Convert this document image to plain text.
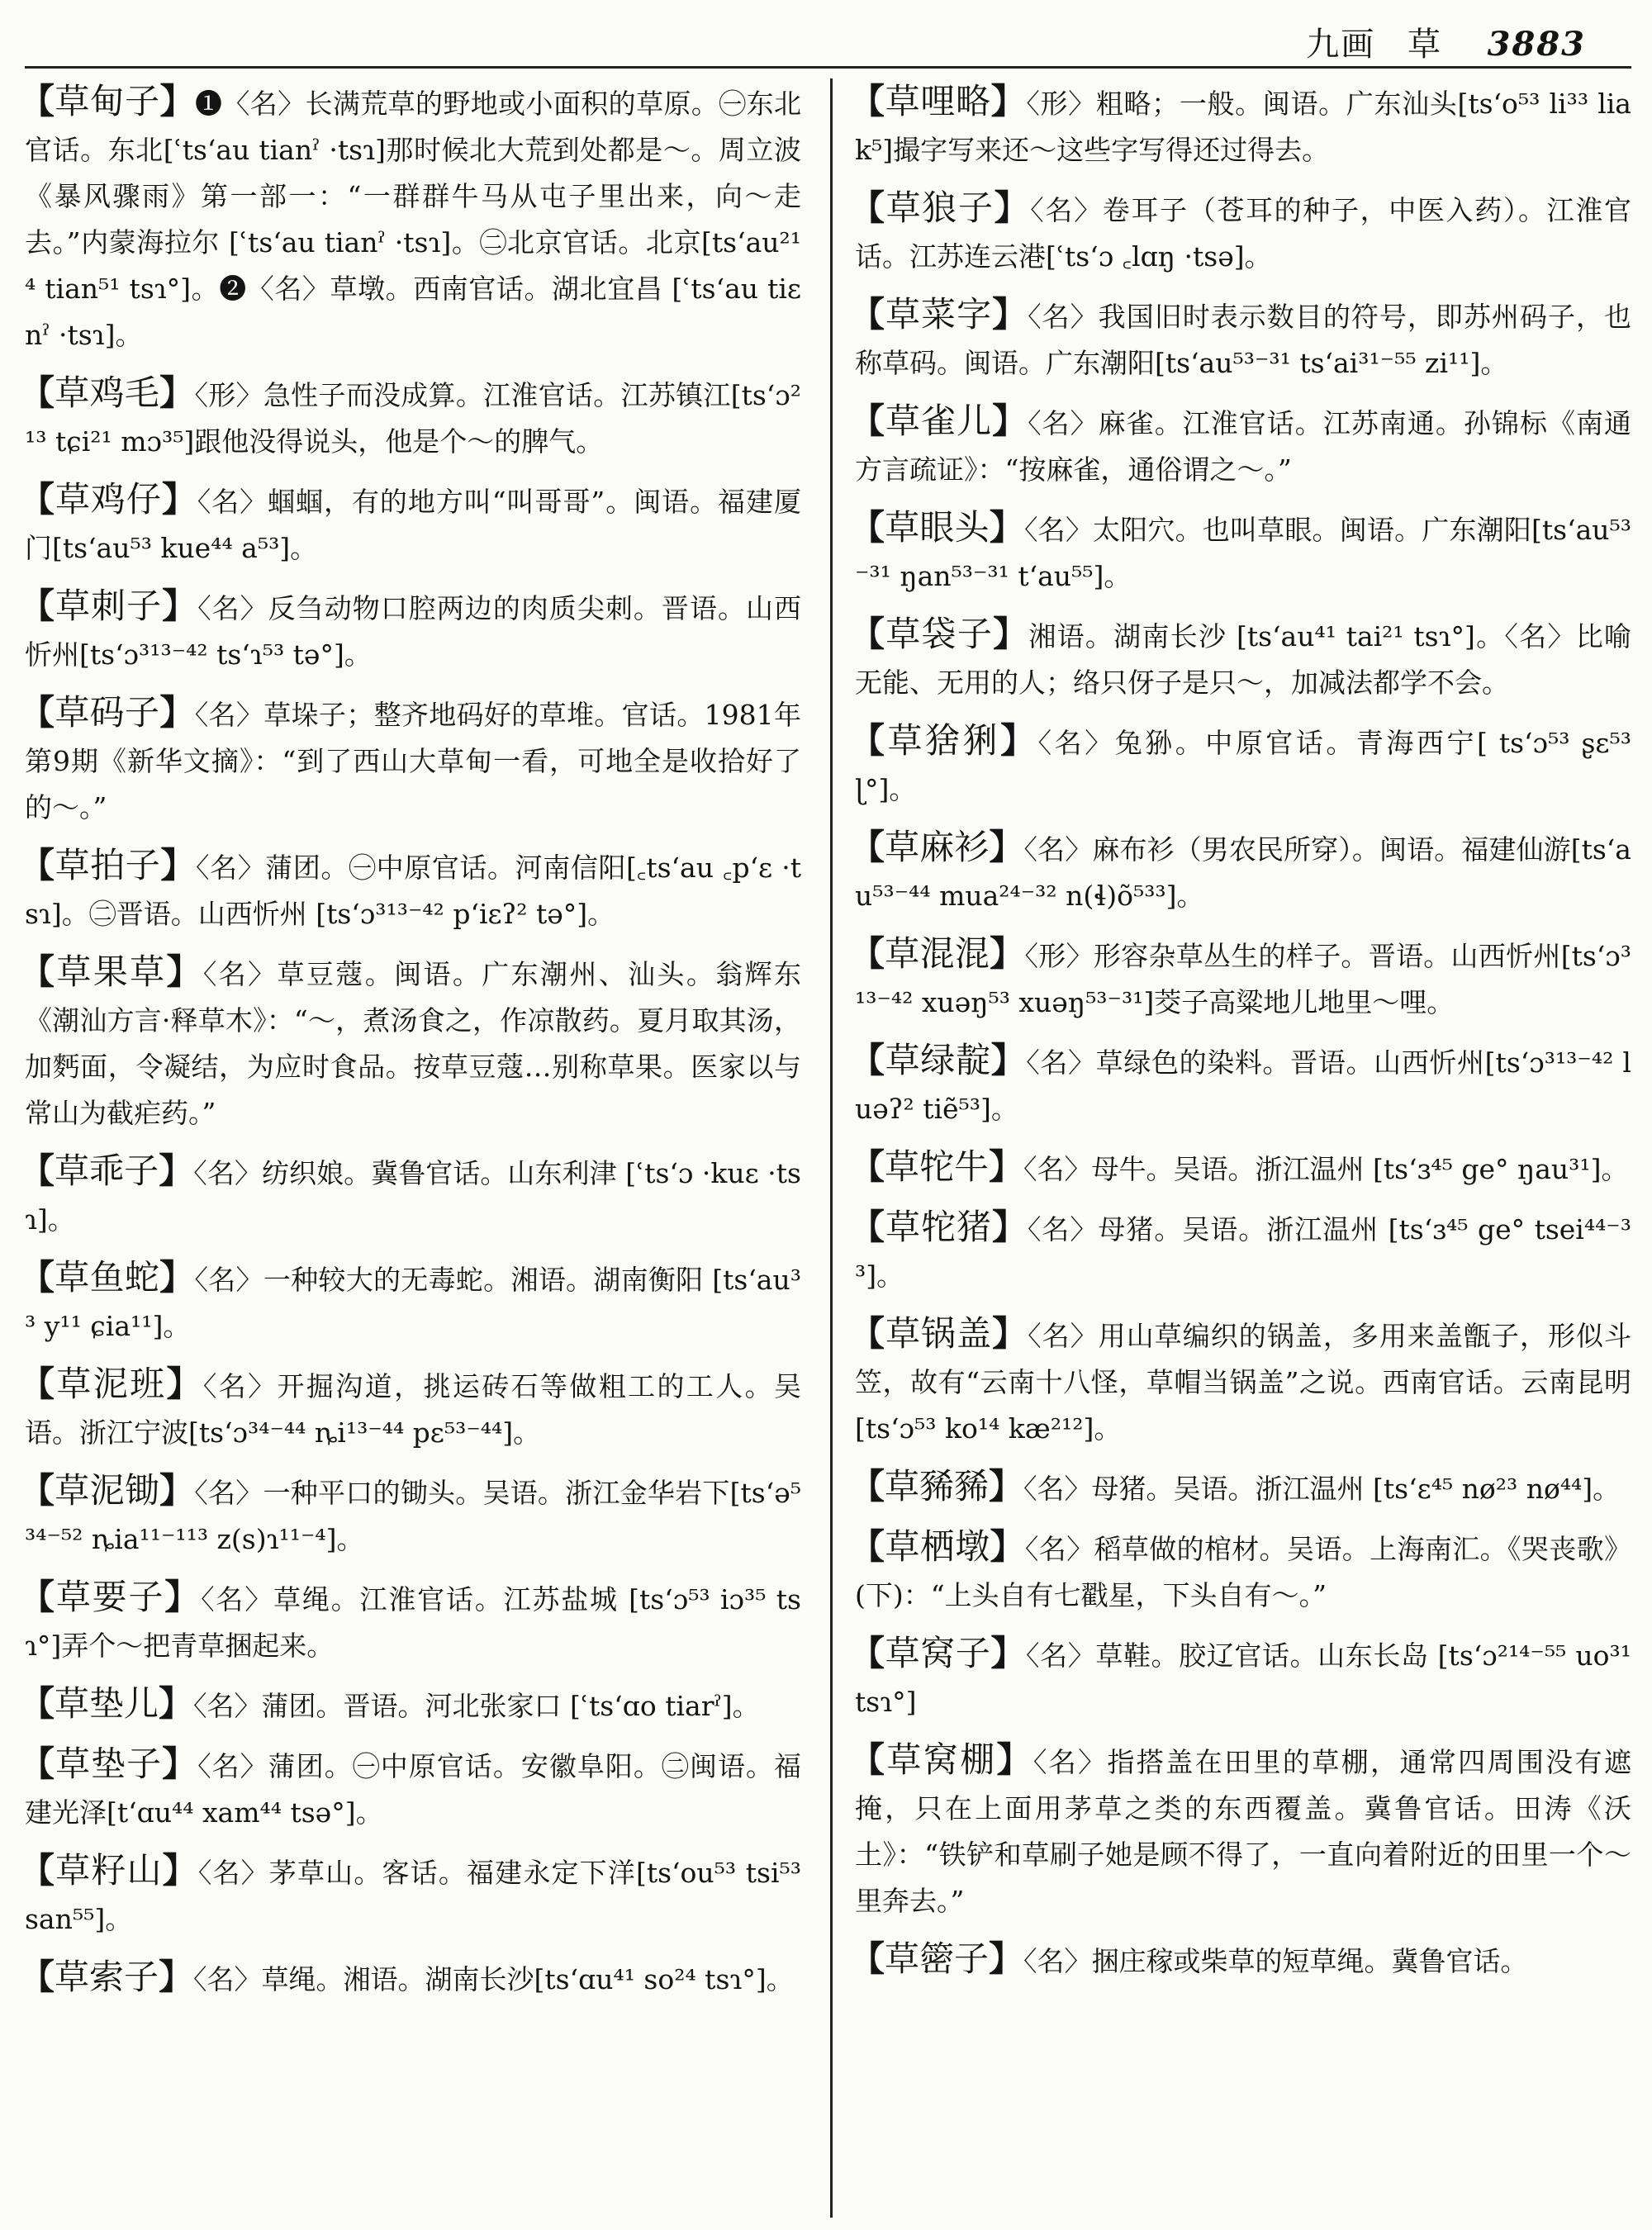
九画 草 3883

【草甸子】❶〈名〉长满荒草的野地或小面积的草原。㊀东北官话。东北[ʿtsʻau tianˀ ·tsɿ]那时候北大荒到处都是～。周立波《暴风骤雨》第一部一：“一群群牛马从屯子里出来，向～走去。”内蒙海拉尔 [ʿtsʻau tianˀ ·tsɿ]。㊁北京官话。北京[tsʻau²¹⁴ tian⁵¹ tsɿ°]。❷〈名〉草墩。西南官话。湖北宜昌 [ʿtsʻau tiɛnˀ ·tsɿ]。

【草鸡毛】〈形〉急性子而没成算。江淮官话。江苏镇江[tsʻɔ²¹³ tɕi²¹ mɔ³⁵]跟他没得说头，他是个～的脾气。

【草鸡仔】〈名〉蝈蝈，有的地方叫“叫哥哥”。闽语。福建厦门[tsʻau⁵³ kue⁴⁴ a⁵³]。

【草刺子】〈名〉反刍动物口腔两边的肉质尖刺。晋语。山西忻州[tsʻɔ³¹³⁻⁴² tsʻɿ⁵³ tə°]。

【草码子】〈名〉草垛子；整齐地码好的草堆。官话。1981年第9期《新华文摘》：“到了西山大草甸一看，可地全是收拾好了的～。”

【草拍子】〈名〉蒲团。㊀中原官话。河南信阳[꜀tsʻau ꜀pʻɛ ·tsɿ]。㊁晋语。山西忻州 [tsʻɔ³¹³⁻⁴² pʻiɛʔ² tə°]。

【草果草】〈名〉草豆蔻。闽语。广东潮州、汕头。翁辉东《潮汕方言·释草木》：“～，煮汤食之，作凉散药。夏月取其汤，加麫面，令凝结，为应时食品。按草豆蔻…别称草果。医家以与常山为截疟药。”

【草乖子】〈名〉纺织娘。冀鲁官话。山东利津 [ʿtsʻɔ ·kuɛ ·tsɿ]。

【草鱼蛇】〈名〉一种较大的无毒蛇。湘语。湖南衡阳 [tsʻau³³ y¹¹ ɕia¹¹]。

【草泥班】〈名〉开掘沟道，挑运砖石等做粗工的工人。吴语。浙江宁波[tsʻɔ³⁴⁻⁴⁴ ȵi¹³⁻⁴⁴ pɛ⁵³⁻⁴⁴]。

【草泥锄】〈名〉一种平口的锄头。吴语。浙江金华岩下[tsʻə⁵³⁴⁻⁵² ȵia¹¹⁻¹¹³ z(s)ɿ¹¹⁻⁴]。

【草要子】〈名〉草绳。江淮官话。江苏盐城 [tsʻɔ⁵³ iɔ³⁵ tsɿ°]弄个～把青草捆起来。

【草垫儿】〈名〉蒲团。晋语。河北张家口 [ʿtsʻɑo tiarˀ]。

【草垫子】〈名〉蒲团。㊀中原官话。安徽阜阳。㊁闽语。福建光泽[tʻɑu⁴⁴ xam⁴⁴ tsə°]。

【草籽山】〈名〉茅草山。客话。福建永定下洋[tsʻou⁵³ tsi⁵³ san⁵⁵]。

【草索子】〈名〉草绳。湘语。湖南长沙[tsʻɑu⁴¹ so²⁴ tsɿ°]。

【草哩略】〈形〉粗略；一般。闽语。广东汕头[tsʻo⁵³ li³³ liak⁵]撮字写来还～这些字写得还过得去。

【草狼子】〈名〉卷耳子（苍耳的种子，中医入药）。江淮官话。江苏连云港[ʿtsʻɔ ꜀lɑŋ ·tsə]。

【草菜字】〈名〉我国旧时表示数目的符号，即苏州码子，也称草码。闽语。广东潮阳[tsʻau⁵³⁻³¹ tsʻai³¹⁻⁵⁵ zi¹¹]。

【草雀儿】〈名〉麻雀。江淮官话。江苏南通。孙锦标《南通方言疏证》：“按麻雀，通俗谓之～。”

【草眼头】〈名〉太阳穴。也叫草眼。闽语。广东潮阳[tsʻau⁵³⁻³¹ ŋan⁵³⁻³¹ tʻau⁵⁵]。

【草袋子】湘语。湖南长沙 [tsʻau⁴¹ tai²¹ tsɿ°]。〈名〉比喻无能、无用的人；络只伢子是只～，加减法都学不会。

【草猞猁】〈名〉兔狲。中原官话。青海西宁[ tsʻɔ⁵³ ʂɛ⁵³ ɭ°]。

【草麻衫】〈名〉麻布衫（男农民所穿）。闽语。福建仙游[tsʻau⁵³⁻⁴⁴ mua²⁴⁻³² n(ɬ)õ⁵³³]。

【草混混】〈形〉形容杂草丛生的样子。晋语。山西忻州[tsʻɔ³¹³⁻⁴² xuəŋ⁵³ xuəŋ⁵³⁻³¹]茭子高粱地儿地里～哩。

【草绿靛】〈名〉草绿色的染料。晋语。山西忻州[tsʻɔ³¹³⁻⁴² luəʔ² tiẽ⁵³]。

【草㸰牛】〈名〉母牛。吴语。浙江温州 [tsʻɜ⁴⁵ ge° ŋau³¹]。

【草㸰猪】〈名〉母猪。吴语。浙江温州 [tsʻɜ⁴⁵ ge° tsei⁴⁴⁻³³]。

【草锅盖】〈名〉用山草编织的锅盖，多用来盖甑子，形似斗笠，故有“云南十八怪，草帽当锅盖”之说。西南官话。云南昆明 [tsʻɔ⁵³ ko¹⁴ kæ²¹²]。

【草豨豨】〈名〉母猪。吴语。浙江温州 [tsʻɛ⁴⁵ nø²³ nø⁴⁴]。

【草栖墩】〈名〉稻草做的棺材。吴语。上海南汇。《哭丧歌》(下)：“上头自有七戳星，下头自有～。”

【草窝子】〈名〉草鞋。胶辽官话。山东长岛 [tsʻɔ²¹⁴⁻⁵⁵ uo³¹ tsɿ°]

【草窝棚】〈名〉指搭盖在田里的草棚，通常四周围没有遮掩，只在上面用茅草之类的东西覆盖。冀鲁官话。田涛《沃土》：“铁铲和草刷子她是顾不得了，一直向着附近的田里一个～里奔去。”

【草䈼子】〈名〉捆庄稼或柴草的短草绳。冀鲁官话。
